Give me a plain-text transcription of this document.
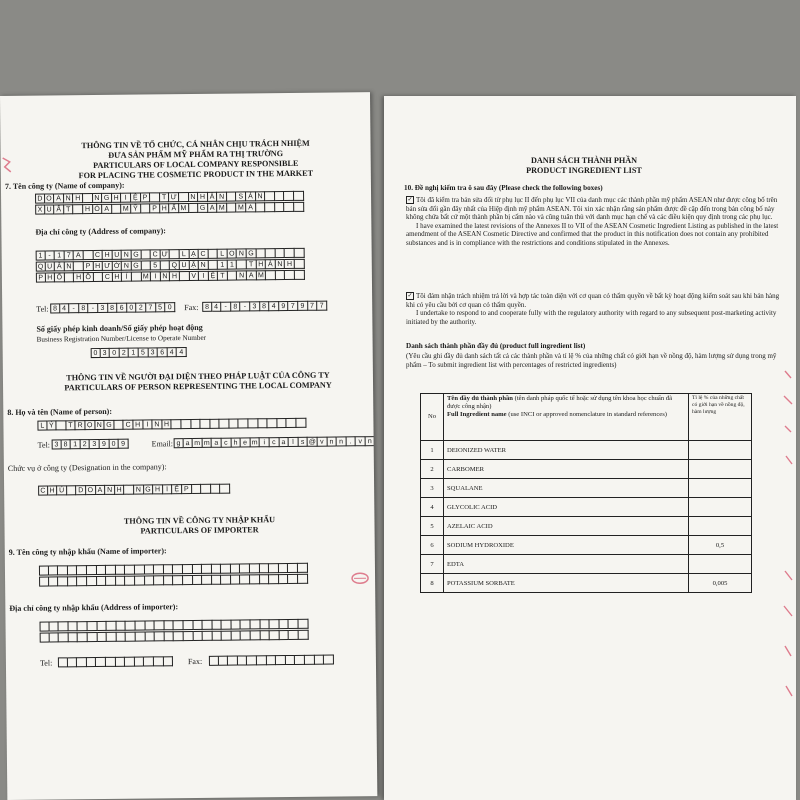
THÔNG TIN VỀ TỔ CHỨC, CÁ NHÂN CHỊU TRÁCH NHIỆM
ĐƯA SẢN PHẨM MỸ PHẨM RA THỊ TRƯỜNG
PARTICULARS OF LOCAL COMPANY RESPONSIBLE
FOR PLACING THE COSMETIC PRODUCT IN THE MARKET
7. Tên công ty (Name of company):
D O A N H	N G H I Ệ P	T Ư	N H Â N	S Ả N
X U Ấ T	H Ó A	M Ỹ	P H Ẩ M	G A M	M A
Địa chỉ công ty (Address of company):
1 - 1 7 A	C H U N G	C Ư	L Ạ C	L O N G
Q U Â N	P H Ư Ờ N G	5	Q U Ậ N	1 1	T H À N H
P H Ố	H Ồ	C H Í	M I N H	V I Ệ T	N A M
Tel: 8 4 - 8 - 3 8 6 0 2 7 5 0	Fax: 8 4 - 8 - 3 8 4 9 7 9 7 7
Số giấy phép kinh doanh/Số giấy phép hoạt động
Business Registration Number/License to Operate Number
0 3 0 2 1 5 3 6 4 4
THÔNG TIN VỀ NGƯỜI ĐẠI DIỆN THEO PHÁP LUẬT CỦA CÔNG TY
PARTICULARS OF PERSON REPRESENTING THE LOCAL COMPANY
8. Họ và tên (Name of person):
L Ý	T R Ọ N G	C H I N H
Tel: 3 8 1 2 3 9 0 9	Email: g a m m a c h e m i c a l s @ v n n . v n
Chức vụ ở công ty (Designation in the company):
C H Ủ	D O A N H	N G H I Ệ P
THÔNG TIN VỀ CÔNG TY NHẬP KHẨU
PARTICULARS OF IMPORTER
9. Tên công ty nhập khẩu (Name of importer):
Địa chỉ công ty nhập khẩu (Address of importer):
Tel:	Fax:
DANH SÁCH THÀNH PHẦN
PRODUCT INGREDIENT LIST
10. Đề nghị kiểm tra ô sau đây (Please check the following boxes)
✓ Tôi đã kiểm tra bản sửa đổi từ phụ lục II đến phụ lục VII của danh mục các thành phần mỹ phẩm ASEAN như được công bố trên bản sửa đổi gần đây nhất của Hiệp định mỹ phẩm ASEAN. Tôi xin xác nhận rằng sản phẩm được đề cập đến trong bản công bố này không chứa bất cứ một thành phần bị cấm nào và cũng tuân thủ với danh mục hạn chế và các điều kiện quy định trong các phụ lục.
I have examined the latest revisions of the Annexes II to VII of the ASEAN Cosmetic Ingredient Listing as published in the latest amendment of the ASEAN Cosmetic Directive and confirmed that the product in this notification does not contain any prohibited substances and is in compliance with the restrictions and conditions stipulated in the Annexes.
✓ Tôi đảm nhận trách nhiệm trả lời và hợp tác toàn diện với cơ quan có thẩm quyền về bất kỳ hoạt động kiểm soát sau khi bán hàng khi có yêu cầu bởi cơ quan có thẩm quyền.
I undertake to respond to and cooperate fully with the regulatory authority with regard to any subsequent post-marketing activity initiated by the authority.
Danh sách thành phần đầy đủ (product full ingredient list)
(Yêu cầu ghi đầy đủ danh sách tất cả các thành phần và tỉ lệ % của những chất có giới hạn về nồng độ, hàm lượng sử dụng trong mỹ phẩm – To submit ingredient list with percentages of restricted ingredients)
No	Tên đầy đủ thành phần (tên danh pháp quốc tế hoặc sử dụng tên khoa học chuẩn đã được công nhận)
Full Ingredient name (use INCI or approved nomenclature in standard references)	Tỉ lệ % của những chất có giới hạn về nồng độ, hàm lượng
1	DEIONIZED WATER	
2	CARBOMER	
3	SQUALANE	
4	GLYCOLIC ACID	
5	AZELAIC ACID	
6	SODIUM HYDROXIDE	0,5
7	EDTA	
8	POTASSIUM SORBATE	0,005
